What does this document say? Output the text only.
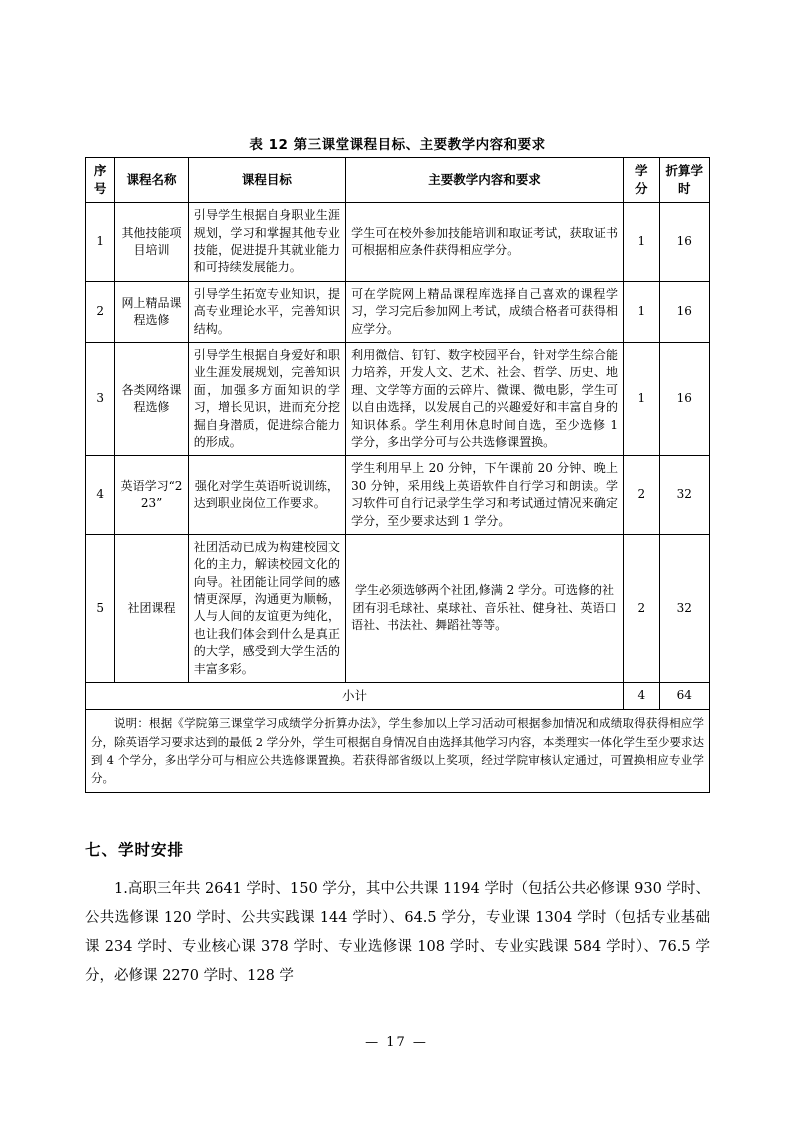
表 12 第三课堂课程目标、主要教学内容和要求
序号	课程名称	课程目标	主要教学内容和要求	学分	折算学时
1	其他技能项目培训	引导学生根据自身职业生涯规划，学习和掌握其他专业技能，促进提升其就业能力和可持续发展能力。	学生可在校外参加技能培训和取证考试，获取证书可根据相应条件获得相应学分。	1	16
2	网上精品课程选修	引导学生拓宽专业知识，提高专业理论水平，完善知识结构。	可在学院网上精品课程库选择自己喜欢的课程学习，学习完后参加网上考试，成绩合格者可获得相应学分。	1	16
3	各类网络课程选修	引导学生根据自身爱好和职业生涯发展规划，完善知识面，加强多方面知识的学习，增长见识，进而充分挖掘自身潜质，促进综合能力的形成。	利用微信、钉钉、数字校园平台，针对学生综合能力培养，开发人文、艺术、社会、哲学、历史、地理、文学等方面的云碎片、微课、微电影，学生可以自由选择，以发展自己的兴趣爱好和丰富自身的知识体系。学生利用休息时间自选，至少选修 1 学分，多出学分可与公共选修课置换。	1	16
4	英语学习“223”	强化对学生英语听说训练，达到职业岗位工作要求。	学生利用早上 20 分钟，下午课前 20 分钟、晚上 30 分钟，采用线上英语软件自行学习和朗读。学习软件可自行记录学生学习和考试通过情况来确定学分，至少要求达到 1 学分。	2	32
5	社团课程	社团活动已成为构建校园文化的主力，解读校园文化的向导。社团能让同学间的感情更深厚，沟通更为顺畅，人与人间的友谊更为纯化，也让我们体会到什么是真正的大学，感受到大学生活的丰富多彩。	学生必须选够两个社团,修满 2 学分。可选修的社团有羽毛球社、桌球社、音乐社、健身社、英语口语社、书法社、舞蹈社等等。	2	32
小计				4	64

说明：根据《学院第三课堂学习成绩学分折算办法》，学生参加以上学习活动可根据参加情况和成绩取得获得相应学分，除英语学习要求达到的最低 2 学分外，学生可根据自身情况自由选择其他学习内容，本类理实一体化学生至少要求达到 4 个学分，多出学分可与相应公共选修课置换。若获得部省级以上奖项，经过学院审核认定通过，可置换相应专业学分。					
七、学时安排

1.高职三年共 2641 学时、150 学分，其中公共课 1194 学时（包括公共必修课 930 学时、公共选修课 120 学时、公共实践课 144 学时）、64.5 学分，专业课 1304 学时（包括专业基础课 234 学时、专业核心课 378 学时、专业选修课 108 学时、专业实践课 584 学时）、76.5 学分，必修课 2270 学时、128 学

— 17 —
